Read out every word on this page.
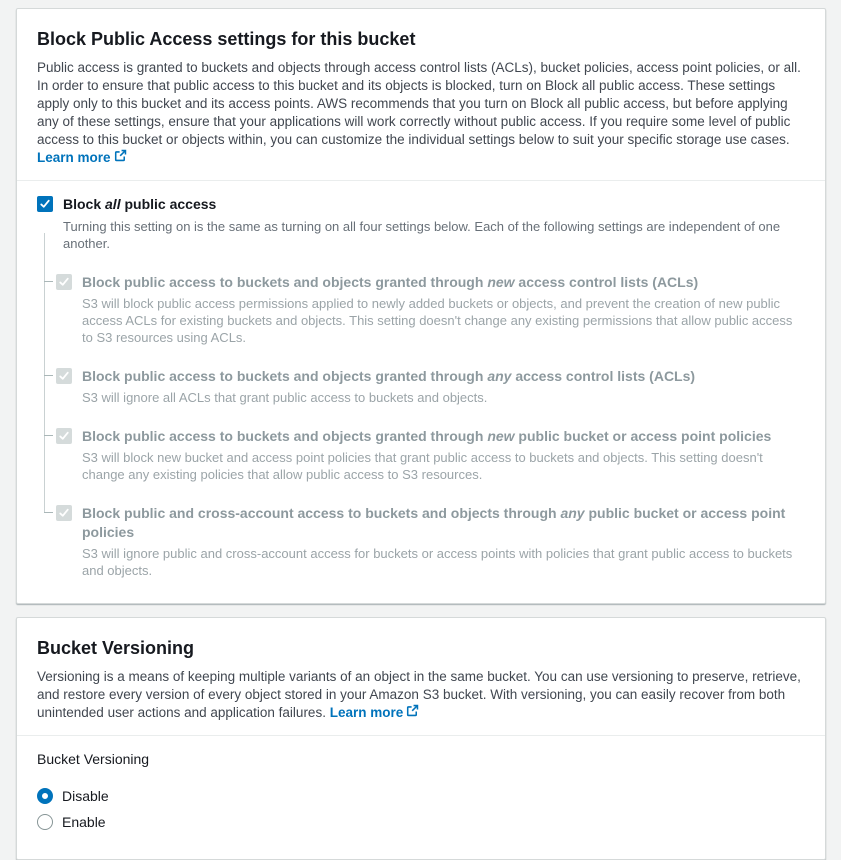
Block Public Access settings for this bucket

Public access is granted to buckets and objects through access control lists (ACLs), bucket policies, access point policies, or all. In order to ensure that public access to this bucket and its objects is blocked, turn on Block all public access. These settings apply only to this bucket and its access points. AWS recommends that you turn on Block all public access, but before applying any of these settings, ensure that your applications will work correctly without public access. If you require some level of public access to this bucket or objects within, you can customize the individual settings below to suit your specific storage use cases.
Learn more

Block all public access

Turning this setting on is the same as turning on all four settings below. Each of the following settings are independent of one another.

Block public access to buckets and objects granted through new access control lists (ACLs)

S3 will block public access permissions applied to newly added buckets or objects, and prevent the creation of new public access ACLs for existing buckets and objects. This setting doesn't change any existing permissions that allow public access to S3 resources using ACLs.

Block public access to buckets and objects granted through any access control lists (ACLs)

S3 will ignore all ACLs that grant public access to buckets and objects.

Block public access to buckets and objects granted through new public bucket or access point policies

S3 will block new bucket and access point policies that grant public access to buckets and objects. This setting doesn't change any existing policies that allow public access to S3 resources.

Block public and cross-account access to buckets and objects through any public bucket or access point policies

S3 will ignore public and cross-account access for buckets or access points with policies that grant public access to buckets and objects.

Bucket Versioning

Versioning is a means of keeping multiple variants of an object in the same bucket. You can use versioning to preserve, retrieve, and restore every version of every object stored in your Amazon S3 bucket. With versioning, you can easily recover from both unintended user actions and application failures. Learn more

Bucket Versioning
Disable
Enable
